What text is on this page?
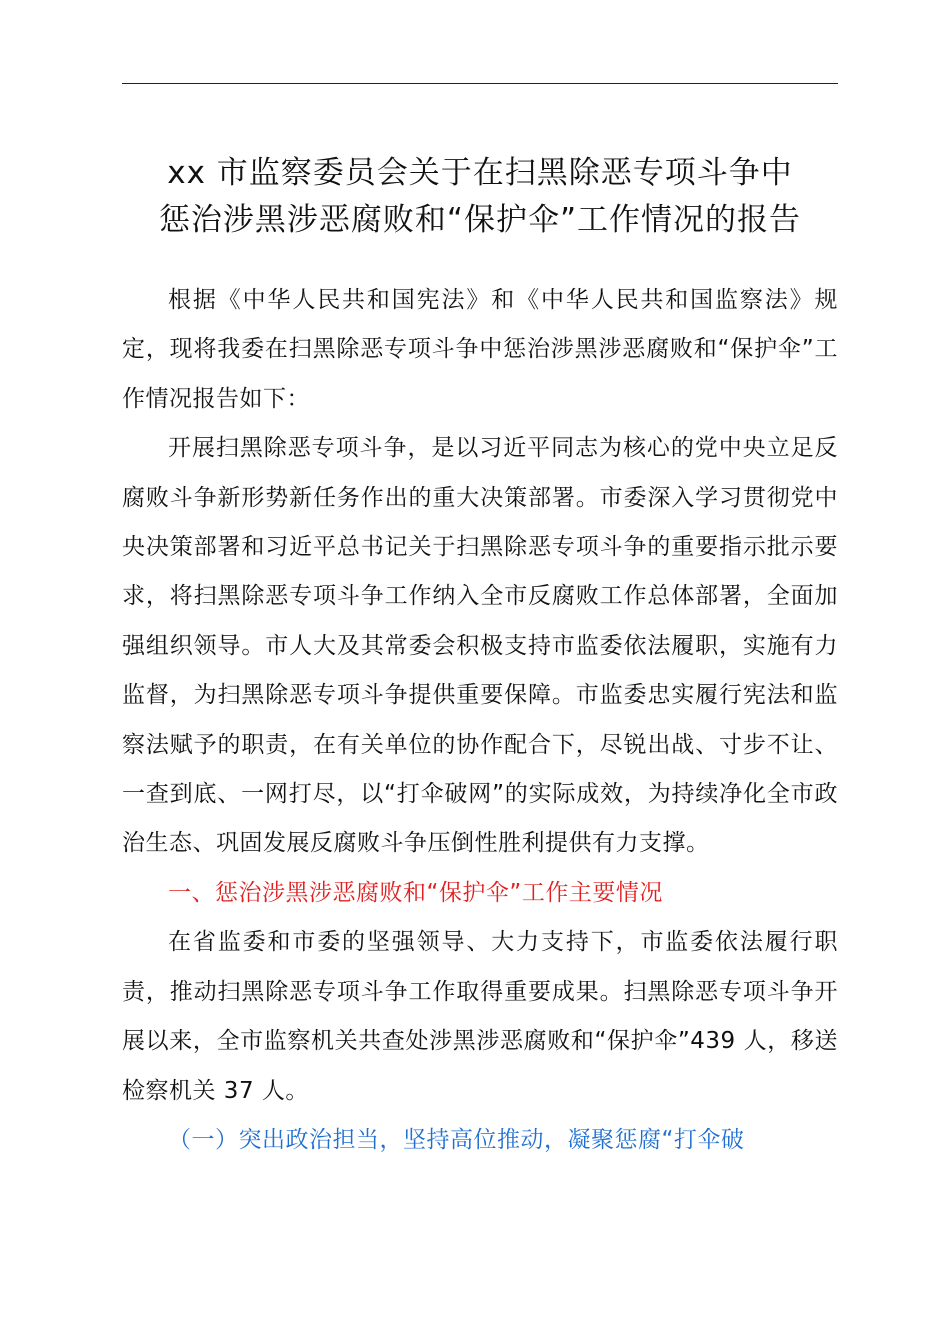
xx 市监察委员会关于在扫黑除恶专项斗争中
惩治涉黑涉恶腐败和“保护伞”工作情况的报告

根据《中华人民共和国宪法》和《中华人民共和国监察法》规定，现将我委在扫黑除恶专项斗争中惩治涉黑涉恶腐败和“保护伞”工作情况报告如下：

开展扫黑除恶专项斗争，是以习近平同志为核心的党中央立足反腐败斗争新形势新任务作出的重大决策部署。市委深入学习贯彻党中央决策部署和习近平总书记关于扫黑除恶专项斗争的重要指示批示要求，将扫黑除恶专项斗争工作纳入全市反腐败工作总体部署，全面加强组织领导。市人大及其常委会积极支持市监委依法履职，实施有力监督，为扫黑除恶专项斗争提供重要保障。市监委忠实履行宪法和监察法赋予的职责，在有关单位的协作配合下，尽锐出战、寸步不让、一查到底、一网打尽，以“打伞破网”的实际成效，为持续净化全市政治生态、巩固发展反腐败斗争压倒性胜利提供有力支撑。

一、惩治涉黑涉恶腐败和“保护伞”工作主要情况

在省监委和市委的坚强领导、大力支持下，市监委依法履行职责，推动扫黑除恶专项斗争工作取得重要成果。扫黑除恶专项斗争开展以来，全市监察机关共查处涉黑涉恶腐败和“保护伞”439 人，移送检察机关 37 人。

（一）突出政治担当，坚持高位推动，凝聚惩腐“打伞破
